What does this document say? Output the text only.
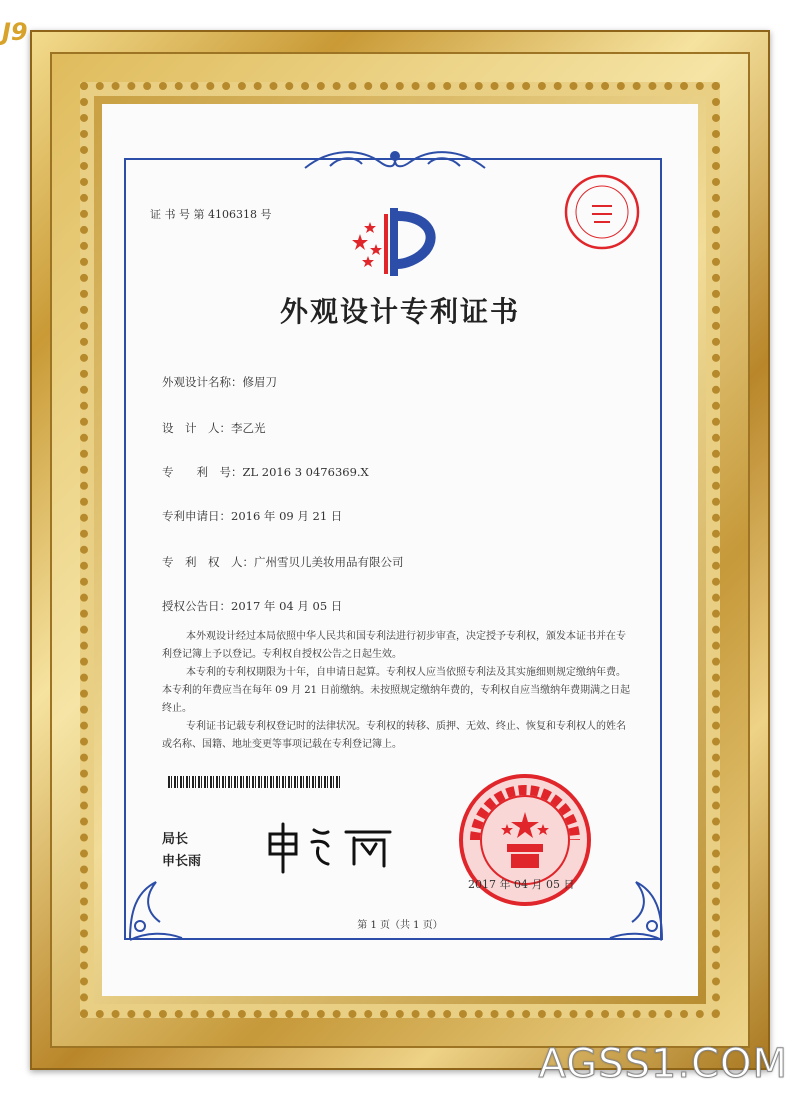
J9
证 书 号 第 4106318 号
外观设计专利证书
外观设计名称：修眉刀
设　计　人：李乙光
专　　利　号：ZL 2016 3 0476369.X
专利申请日：2016 年 09 月 21 日
专　利　权　人：广州雪贝儿美妆用品有限公司
授权公告日：2017 年 04 月 05 日
本外观设计经过本局依照中华人民共和国专利法进行初步审查，决定授予专利权，颁发本证书并在专利登记簿上予以登记。专利权自授权公告之日起生效。
本专利的专利权期限为十年，自申请日起算。专利权人应当依照专利法及其实施细则规定缴纳年费。本专利的年费应当在每年 09 月 21 日前缴纳。未按照规定缴纳年费的，专利权自应当缴纳年费期满之日起终止。
专利证书记载专利权登记时的法律状况。专利权的转移、质押、无效、终止、恢复和专利权人的姓名或名称、国籍、地址变更等事项记载在专利登记簿上。
局长
申长雨
2017 年 04 月 05 日
第 1 页（共 1 页）
AGSS1.COM
